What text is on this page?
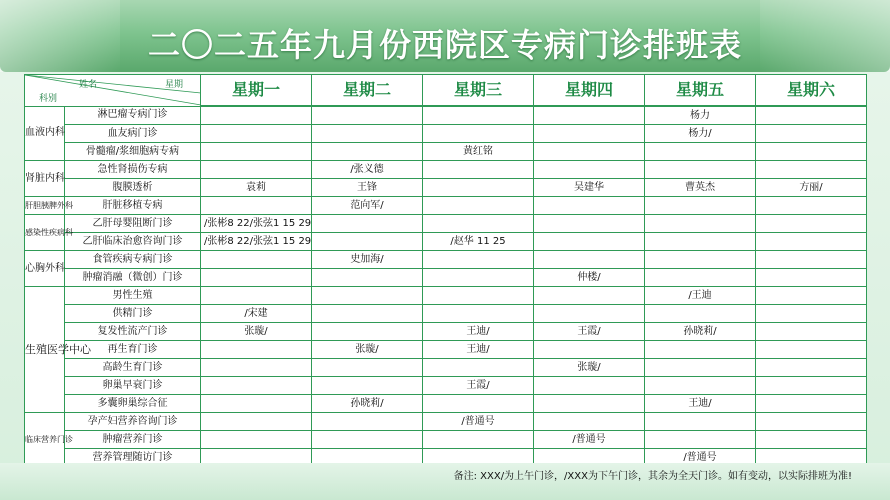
二〇二五年九月份西院区专病门诊排班表
姓名 星期
科别		星期一	星期二	星期三	星期四	星期五	星期六
血液内科	淋巴瘤专病门诊					杨力	
	血友病门诊					杨力/	
	骨髓瘤/浆细胞病专病			黄红铭			
肾脏内科	急性肾损伤专病		/张义德				
	腹膜透析	袁莉	王锋		吴建华	曹英杰	方丽/
肝胆胰脾外科	肝脏移植专病		范向军/				
感染性疾病科	乙肝母婴阻断门诊	/张彬8 22/张弦1 15 29					
	乙肝临床治愈咨询门诊	/张彬8 22/张弦1 15 29		/赵华 11 25			
心胸外科	食管疾病专病门诊		史加海/				
	肿瘤消融（微创）门诊				仲楼/		
生殖医学中心	男性生殖					/王迪	
	供精门诊	/宋建					
	复发性流产门诊	张璇/		王迪/	王霞/	孙晓莉/	
	再生育门诊		张璇/	王迪/			
	高龄生育门诊				张璇/		
	卵巢早衰门诊			王霞/			
	多囊卵巢综合征		孙晓莉/			王迪/	
临床营养门诊	孕产妇营养咨询门诊			/普通号			
	肿瘤营养门诊				/普通号		
	营养管理随访门诊					/普通号	
备注: XXX/为上午门诊，/XXX为下午门诊，其余为全天门诊。如有变动，以实际排班为准!
